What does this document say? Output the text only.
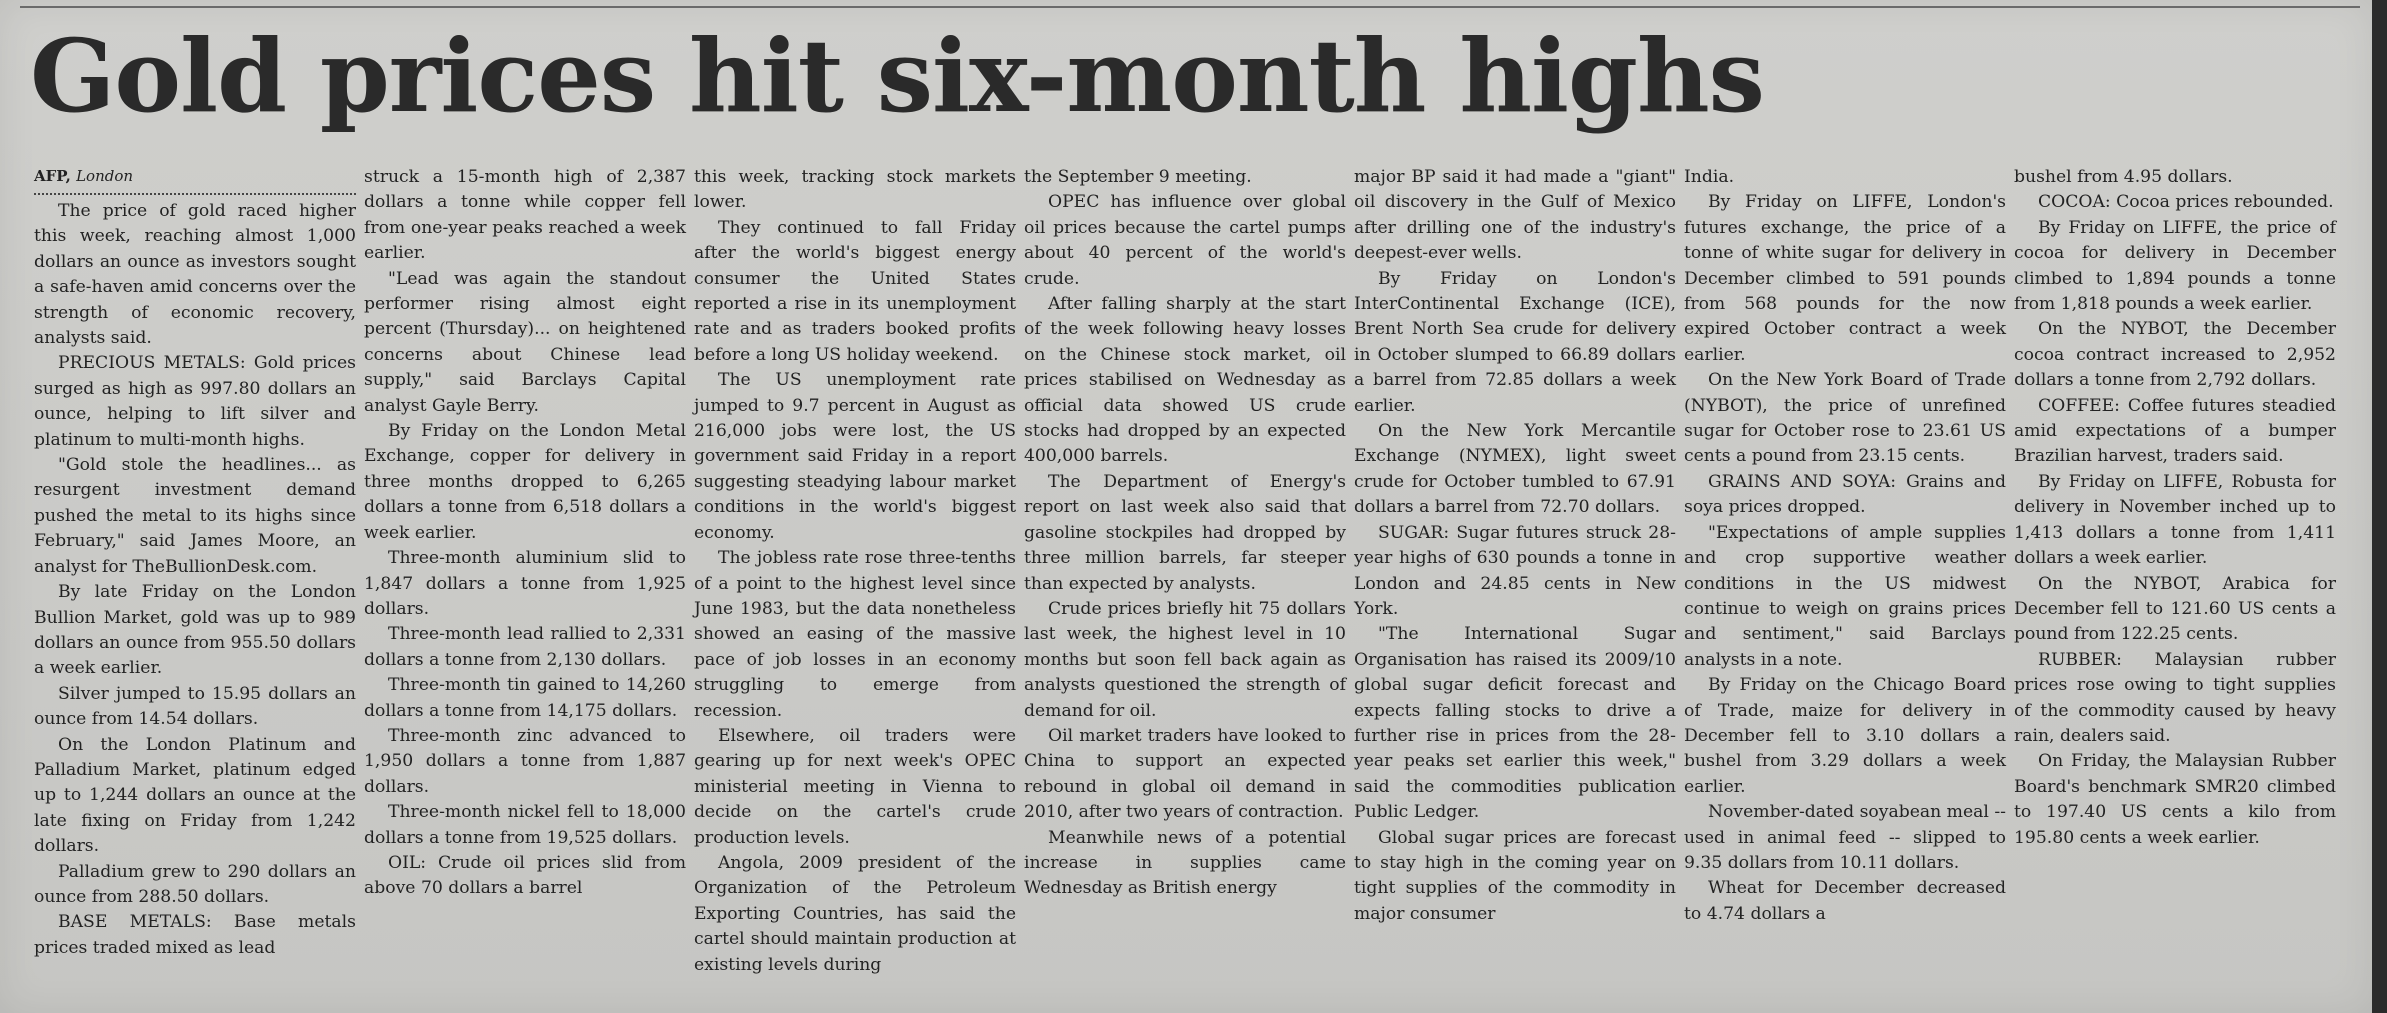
Gold prices hit six-month highs
AFP, London

The price of gold raced higher this week, reaching almost 1,000 dollars an ounce as investors sought a safe-haven amid concerns over the strength of economic recovery, analysts said.

PRECIOUS METALS: Gold prices surged as high as 997.80 dollars an ounce, helping to lift silver and platinum to multi-month highs.

"Gold stole the headlines... as resurgent investment demand pushed the metal to its highs since February," said James Moore, an analyst for TheBullionDesk.com.

By late Friday on the London Bullion Market, gold was up to 989 dollars an ounce from 955.50 dollars a week earlier.

Silver jumped to 15.95 dollars an ounce from 14.54 dollars.

On the London Platinum and Palladium Market, platinum edged up to 1,244 dollars an ounce at the late fixing on Friday from 1,242 dollars.

Palladium grew to 290 dollars an ounce from 288.50 dollars.

BASE METALS: Base metals prices traded mixed as lead

struck a 15-month high of 2,387 dollars a tonne while copper fell from one-year peaks reached a week earlier.

"Lead was again the standout performer rising almost eight percent (Thursday)... on heightened concerns about Chinese lead supply," said Barclays Capital analyst Gayle Berry.

By Friday on the London Metal Exchange, copper for delivery in three months dropped to 6,265 dollars a tonne from 6,518 dollars a week earlier.

Three-month aluminium slid to 1,847 dollars a tonne from 1,925 dollars.

Three-month lead rallied to 2,331 dollars a tonne from 2,130 dollars.

Three-month tin gained to 14,260 dollars a tonne from 14,175 dollars.

Three-month zinc advanced to 1,950 dollars a tonne from 1,887 dollars.

Three-month nickel fell to 18,000 dollars a tonne from 19,525 dollars.

OIL: Crude oil prices slid from above 70 dollars a barrel

this week, tracking stock markets lower.

They continued to fall Friday after the world's biggest energy consumer the United States reported a rise in its unemployment rate and as traders booked profits before a long US holiday weekend.

The US unemployment rate jumped to 9.7 percent in August as 216,000 jobs were lost, the US government said Friday in a report suggesting steadying labour market conditions in the world's biggest economy.

The jobless rate rose three-tenths of a point to the highest level since June 1983, but the data nonetheless showed an easing of the massive pace of job losses in an economy struggling to emerge from recession.

Elsewhere, oil traders were gearing up for next week's OPEC ministerial meeting in Vienna to decide on the cartel's crude production levels.

Angola, 2009 president of the Organization of the Petroleum Exporting Countries, has said the cartel should maintain production at existing levels during

the September 9 meeting.

OPEC has influence over global oil prices because the cartel pumps about 40 percent of the world's crude.

After falling sharply at the start of the week following heavy losses on the Chinese stock market, oil prices stabilised on Wednesday as official data showed US crude stocks had dropped by an expected 400,000 barrels.

The Department of Energy's report on last week also said that gasoline stockpiles had dropped by three million barrels, far steeper than expected by analysts.

Crude prices briefly hit 75 dollars last week, the highest level in 10 months but soon fell back again as analysts questioned the strength of demand for oil.

Oil market traders have looked to China to support an expected rebound in global oil demand in 2010, after two years of contraction.

Meanwhile news of a potential increase in supplies came Wednesday as British energy

major BP said it had made a "giant" oil discovery in the Gulf of Mexico after drilling one of the industry's deepest-ever wells.

By Friday on London's InterContinental Exchange (ICE), Brent North Sea crude for delivery in October slumped to 66.89 dollars a barrel from 72.85 dollars a week earlier.

On the New York Mercantile Exchange (NYMEX), light sweet crude for October tumbled to 67.91 dollars a barrel from 72.70 dollars.

SUGAR: Sugar futures struck 28-year highs of 630 pounds a tonne in London and 24.85 cents in New York.

"The International Sugar Organisation has raised its 2009/10 global sugar deficit forecast and expects falling stocks to drive a further rise in prices from the 28-year peaks set earlier this week," said the commodities publication Public Ledger.

Global sugar prices are forecast to stay high in the coming year on tight supplies of the commodity in major consumer

India.

By Friday on LIFFE, London's futures exchange, the price of a tonne of white sugar for delivery in December climbed to 591 pounds from 568 pounds for the now expired October contract a week earlier.

On the New York Board of Trade (NYBOT), the price of unrefined sugar for October rose to 23.61 US cents a pound from 23.15 cents.

GRAINS AND SOYA: Grains and soya prices dropped.

"Expectations of ample supplies and crop supportive weather conditions in the US midwest continue to weigh on grains prices and sentiment," said Barclays analysts in a note.

By Friday on the Chicago Board of Trade, maize for delivery in December fell to 3.10 dollars a bushel from 3.29 dollars a week earlier.

November-dated soyabean meal -- used in animal feed -- slipped to 9.35 dollars from 10.11 dollars.

Wheat for December decreased to 4.74 dollars a

bushel from 4.95 dollars.

COCOA: Cocoa prices rebounded.

By Friday on LIFFE, the price of cocoa for delivery in December climbed to 1,894 pounds a tonne from 1,818 pounds a week earlier.

On the NYBOT, the December cocoa contract increased to 2,952 dollars a tonne from 2,792 dollars.

COFFEE: Coffee futures steadied amid expectations of a bumper Brazilian harvest, traders said.

By Friday on LIFFE, Robusta for delivery in November inched up to 1,413 dollars a tonne from 1,411 dollars a week earlier.

On the NYBOT, Arabica for December fell to 121.60 US cents a pound from 122.25 cents.

RUBBER: Malaysian rubber prices rose owing to tight supplies of the commodity caused by heavy rain, dealers said.

On Friday, the Malaysian Rubber Board's benchmark SMR20 climbed to 197.40 US cents a kilo from 195.80 cents a week earlier.
